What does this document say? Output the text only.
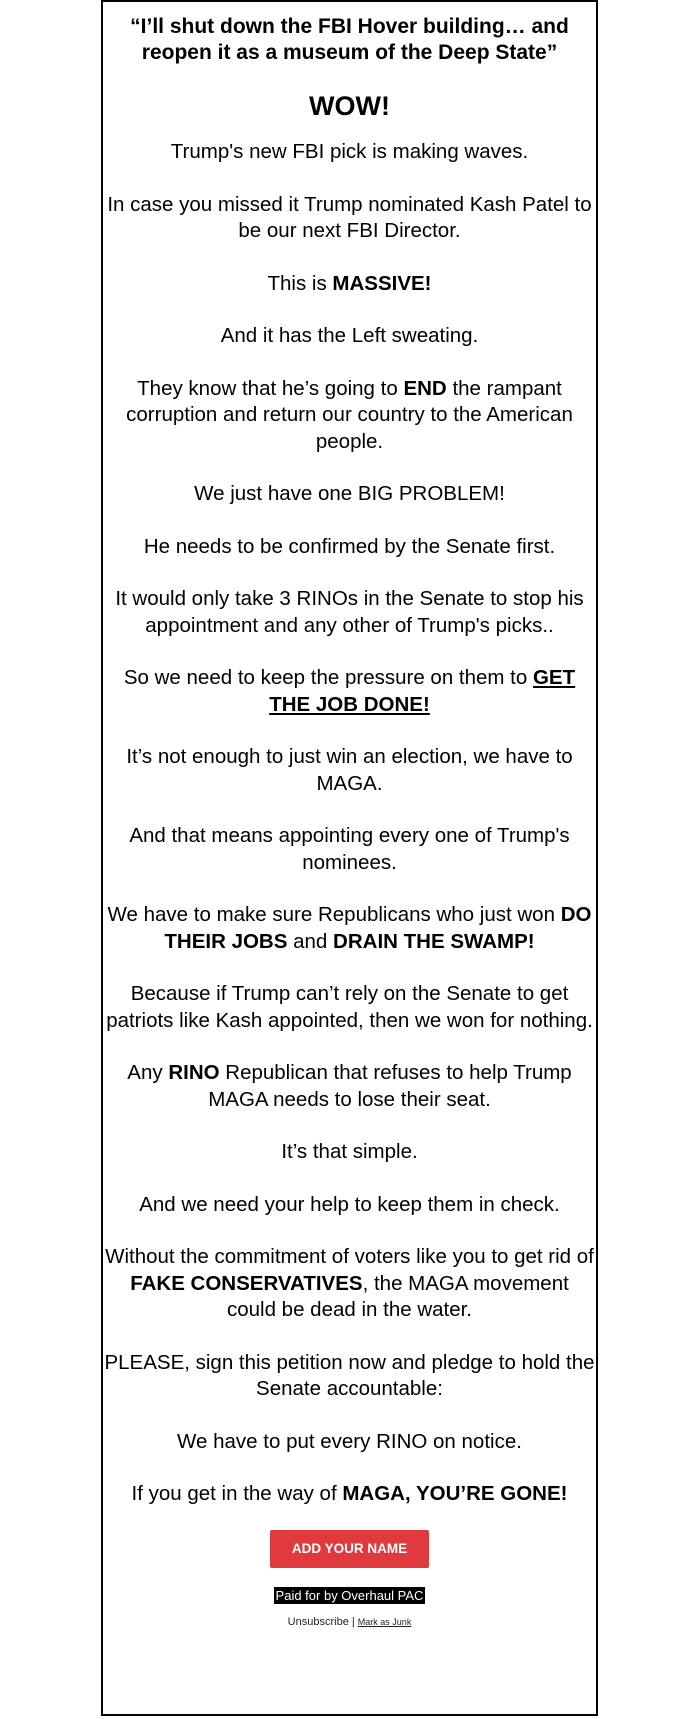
“I’ll shut down the FBI Hover building… and reopen it as a museum of the Deep State”
WOW!

Trump's new FBI pick is making waves.

In case you missed it Trump nominated Kash Patel to be our next FBI Director.

This is MASSIVE!

And it has the Left sweating.

They know that he’s going to END the rampant corruption and return our country to the American people.

We just have one BIG PROBLEM!

He needs to be confirmed by the Senate first.

It would only take 3 RINOs in the Senate to stop his appointment and any other of Trump's picks..

So we need to keep the pressure on them to GET THE JOB DONE!

It’s not enough to just win an election, we have to MAGA.

And that means appointing every one of Trump's nominees.

We have to make sure Republicans who just won DO THEIR JOBS and DRAIN THE SWAMP!

Because if Trump can’t rely on the Senate to get patriots like Kash appointed, then we won for nothing.

Any RINO Republican that refuses to help Trump MAGA needs to lose their seat.

It’s that simple.

And we need your help to keep them in check.

Without the commitment of voters like you to get rid of FAKE CONSERVATIVES, the MAGA movement could be dead in the water.

PLEASE, sign this petition now and pledge to hold the Senate accountable:

We have to put every RINO on notice.

If you get in the way of MAGA, YOU’RE GONE!

ADD YOUR NAME
Paid for by Overhaul PAC
Unsubscribe | Mark as Junk
